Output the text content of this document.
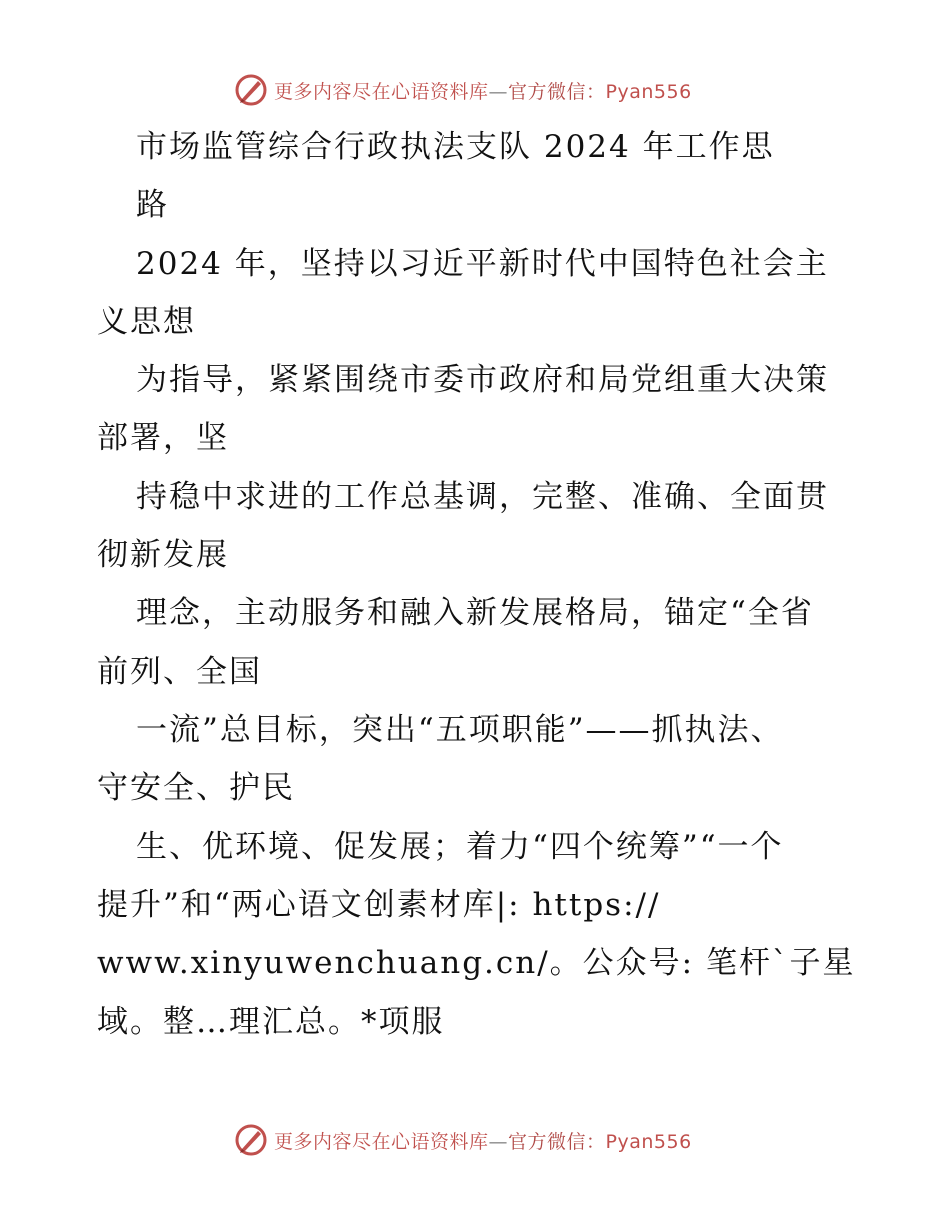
更多内容尽在心语资料库—官方微信：Pyan556
市场监管综合行政执法支队 2024 年工作思
路
2024 年，坚持以习近平新时代中国特色社会主
义思想
为指导，紧紧围绕市委市政府和局党组重大决策
部署，坚
持稳中求进的工作总基调，完整、准确、全面贯
彻新发展
理念，主动服务和融入新发展格局，锚定“全省
前列、全国
一流”总目标，突出“五项职能”——抓执法、
守安全、护民
生、优环境、促发展；着力“四个统筹”“一个
提升”和“两心语文创素材库|: https://
www.xinyuwenchuang.cn/。公众号: 笔杆`子星
域。整…理汇总。*项服
更多内容尽在心语资料库—官方微信：Pyan556
